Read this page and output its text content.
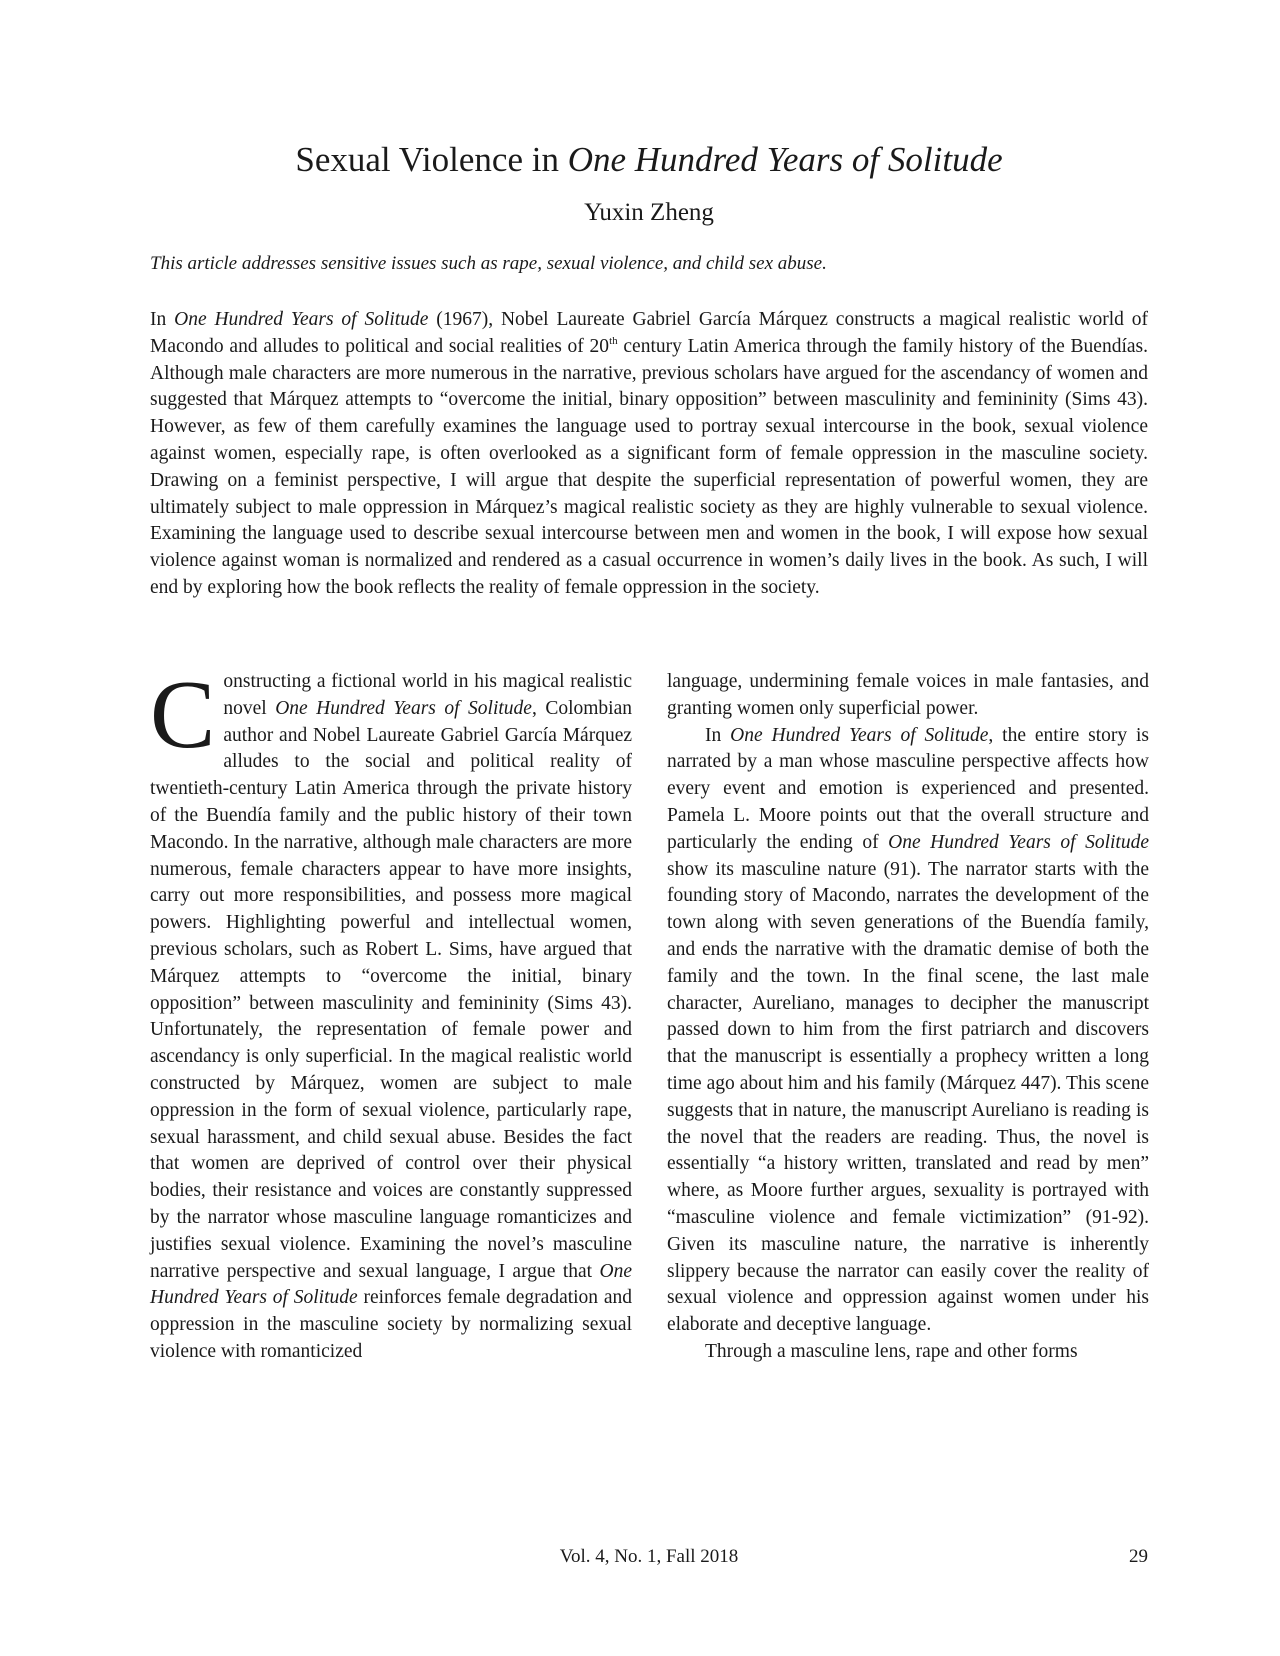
Sexual Violence in One Hundred Years of Solitude

Yuxin Zheng

This article addresses sensitive issues such as rape, sexual violence, and child sex abuse.

In One Hundred Years of Solitude (1967), Nobel Laureate Gabriel García Márquez constructs a magical realistic world of Macondo and alludes to political and social realities of 20th century Latin America through the family history of the Buendías. Although male characters are more numerous in the narrative, previous scholars have argued for the ascendancy of women and suggested that Márquez attempts to “overcome the initial, binary opposition” between masculinity and femininity (Sims 43). However, as few of them carefully examines the language used to portray sexual intercourse in the book, sexual violence against women, especially rape, is often overlooked as a significant form of female oppression in the masculine society. Drawing on a feminist perspective, I will argue that despite the superficial representation of powerful women, they are ultimately subject to male oppression in Márquez’s magical realistic society as they are highly vulnerable to sexual violence. Examining the language used to describe sexual intercourse between men and women in the book, I will expose how sexual violence against woman is normalized and rendered as a casual occurrence in women’s daily lives in the book. As such, I will end by exploring how the book reflects the reality of female oppression in the society.

Constructing a fictional world in his magical realistic novel One Hundred Years of Solitude, Colombian author and Nobel Laureate Gabriel García Márquez alludes to the social and political reality of twentieth-century Latin America through the private history of the Buendía family and the public history of their town Macondo. In the narrative, although male characters are more numerous, female characters appear to have more insights, carry out more responsibilities, and possess more magical powers. Highlighting powerful and intellectual women, previous scholars, such as Robert L. Sims, have argued that Márquez attempts to “overcome the initial, binary opposition” between masculinity and femininity (Sims 43). Unfortunately, the representation of female power and ascendancy is only superficial. In the magical realistic world constructed by Márquez, women are subject to male oppression in the form of sexual violence, particularly rape, sexual harassment, and child sexual abuse. Besides the fact that women are deprived of control over their physical bodies, their resistance and voices are constantly suppressed by the narrator whose masculine language romanticizes and justifies sexual violence. Examining the novel’s masculine narrative perspective and sexual language, I argue that One Hundred Years of Solitude reinforces female degradation and oppression in the masculine society by normalizing sexual violence with romanticized

language, undermining female voices in male fantasies, and granting women only superficial power.

In One Hundred Years of Solitude, the entire story is narrated by a man whose masculine perspective affects how every event and emotion is experienced and presented. Pamela L. Moore points out that the overall structure and particularly the ending of One Hundred Years of Solitude show its masculine nature (91). The narrator starts with the founding story of Macondo, narrates the development of the town along with seven generations of the Buendía family, and ends the narrative with the dramatic demise of both the family and the town. In the final scene, the last male character, Aureliano, manages to decipher the manuscript passed down to him from the first patriarch and discovers that the manuscript is essentially a prophecy written a long time ago about him and his family (Márquez 447). This scene suggests that in nature, the manuscript Aureliano is reading is the novel that the readers are reading. Thus, the novel is essentially “a history written, translated and read by men” where, as Moore further argues, sexuality is portrayed with “masculine violence and female victimization” (91-92). Given its masculine nature, the narrative is inherently slippery because the narrator can easily cover the reality of sexual violence and oppression against women under his elaborate and deceptive language.

Through a masculine lens, rape and other forms

Vol. 4, No. 1, Fall 2018	29
